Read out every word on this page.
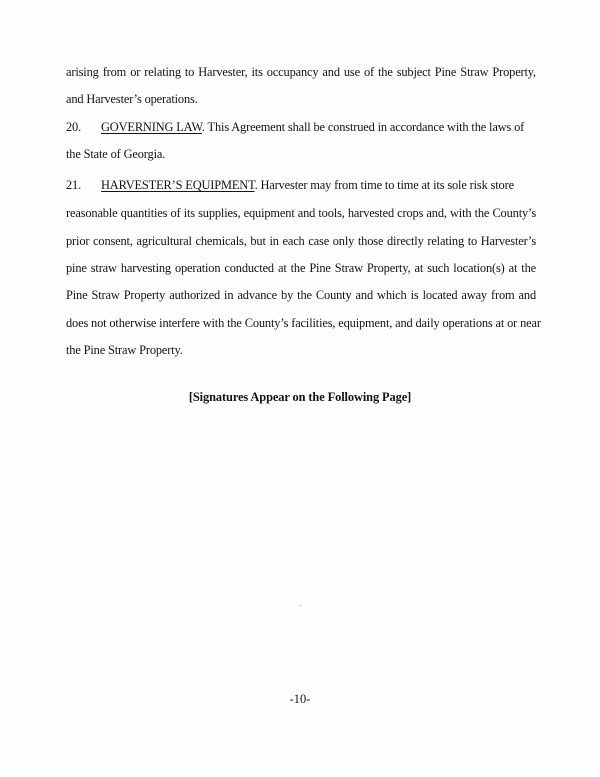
arising from or relating to Harvester, its occupancy and use of the subject Pine Straw Property,
and Harvester’s operations.
20. GOVERNING LAW. This Agreement shall be construed in accordance with the laws of
the State of Georgia.
21. HARVESTER’S EQUIPMENT. Harvester may from time to time at its sole risk store
reasonable quantities of its supplies, equipment and tools, harvested crops and, with the County’s
prior consent, agricultural chemicals, but in each case only those directly relating to Harvester’s
pine straw harvesting operation conducted at the Pine Straw Property, at such location(s) at the
Pine Straw Property authorized in advance by the County and which is located away from and
does not otherwise interfere with the County’s facilities, equipment, and daily operations at or near
the Pine Straw Property.
[Signatures Appear on the Following Page]
-10-
